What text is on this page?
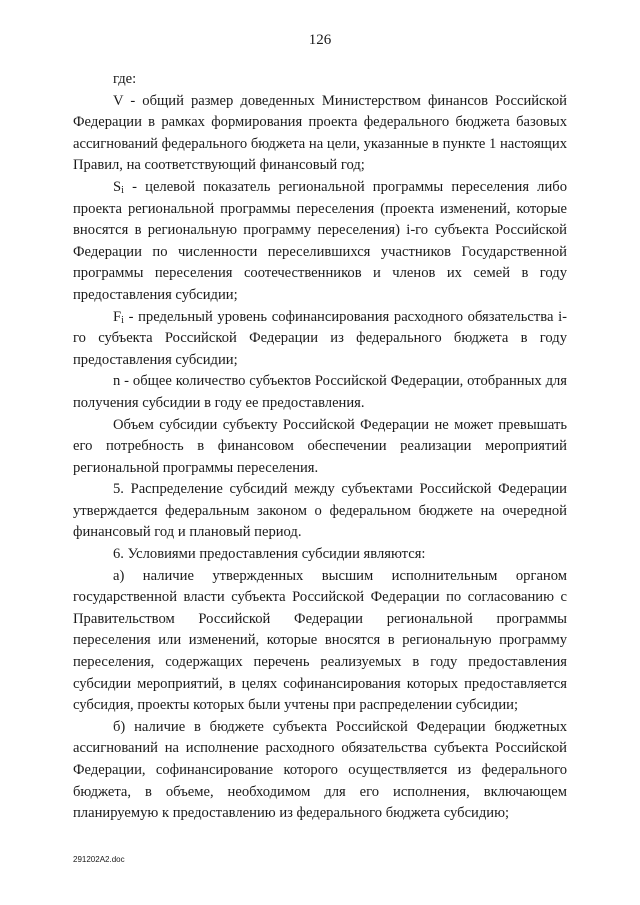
126

где:

V - общий размер доведенных Министерством финансов Российской Федерации в рамках формирования проекта федерального бюджета базовых ассигнований федерального бюджета на цели, указанные в пункте 1 настоящих Правил, на соответствующий финансовый год;

$S_i$ - целевой показатель региональной программы переселения либо проекта региональной программы переселения (проекта изменений, которые вносятся в региональную программу переселения) i-го субъекта Российской Федерации по численности переселившихся участников Государственной программы переселения соотечественников и членов их семей в году предоставления субсидии;

$F_i$ - предельный уровень софинансирования расходного обязательства i-го субъекта Российской Федерации из федерального бюджета в году предоставления субсидии;

n - общее количество субъектов Российской Федерации, отобранных для получения субсидии в году ее предоставления.

Объем субсидии субъекту Российской Федерации не может превышать его потребность в финансовом обеспечении реализации мероприятий региональной программы переселения.

5. Распределение субсидий между субъектами Российской Федерации утверждается федеральным законом о федеральном бюджете на очередной финансовый год и плановый период.

6. Условиями предоставления субсидии являются:

а) наличие утвержденных высшим исполнительным органом государственной власти субъекта Российской Федерации по согласованию с Правительством Российской Федерации региональной программы переселения или изменений, которые вносятся в региональную программу переселения, содержащих перечень реализуемых в году предоставления субсидии мероприятий, в целях софинансирования которых предоставляется субсидия, проекты которых были учтены при распределении субсидии;

б) наличие в бюджете субъекта Российской Федерации бюджетных ассигнований на исполнение расходного обязательства субъекта Российской Федерации, софинансирование которого осуществляется из федерального бюджета, в объеме, необходимом для его исполнения, включающем планируемую к предоставлению из федерального бюджета субсидию;

291202A2.doc
